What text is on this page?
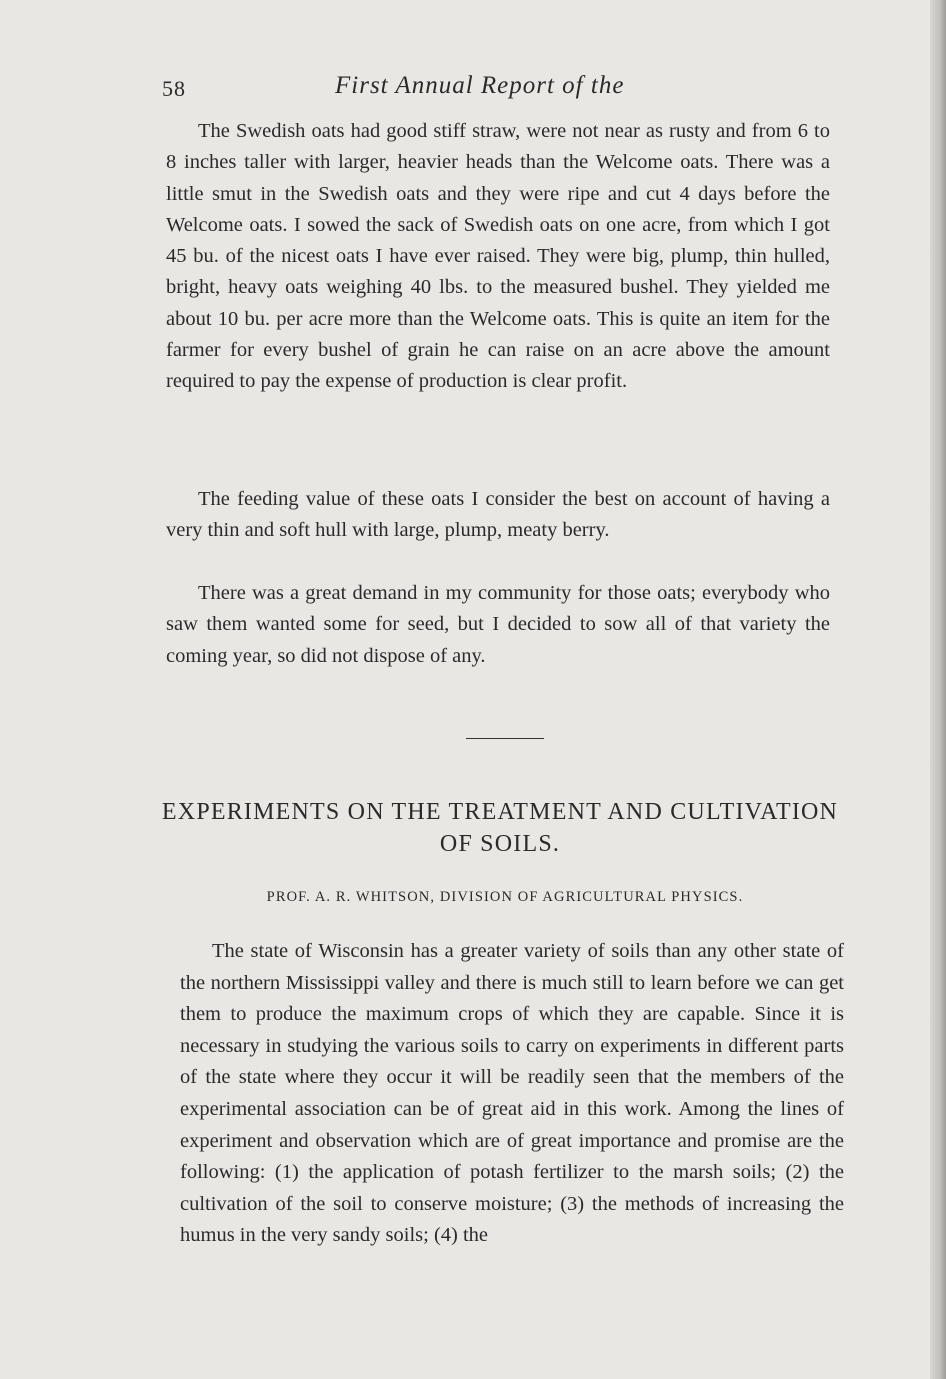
58	First Annual Report of the

The Swedish oats had good stiff straw, were not near as rusty and from 6 to 8 inches taller with larger, heavier heads than the Welcome oats. There was a little smut in the Swedish oats and they were ripe and cut 4 days before the Welcome oats. I sowed the sack of Swedish oats on one acre, from which I got 45 bu. of the nicest oats I have ever raised. They were big, plump, thin hulled, bright, heavy oats weighing 40 lbs. to the measured bushel. They yielded me about 10 bu. per acre more than the Welcome oats. This is quite an item for the farmer for every bushel of grain he can raise on an acre above the amount required to pay the expense of production is clear profit.

The feeding value of these oats I consider the best on account of having a very thin and soft hull with large, plump, meaty berry.

There was a great demand in my community for those oats; everybody who saw them wanted some for seed, but I decided to sow all of that variety the coming year, so did not dispose of any.

EXPERIMENTS ON THE TREATMENT AND CULTIVATION OF SOILS.
PROF. A. R. WHITSON, DIVISION OF AGRICULTURAL PHYSICS.

The state of Wisconsin has a greater variety of soils than any other state of the northern Mississippi valley and there is much still to learn before we can get them to produce the maximum crops of which they are capable. Since it is necessary in studying the various soils to carry on experiments in different parts of the state where they occur it will be readily seen that the members of the experimental association can be of great aid in this work. Among the lines of experiment and observation which are of great importance and promise are the following: (1) the application of potash fertilizer to the marsh soils; (2) the cultivation of the soil to conserve moisture; (3) the methods of increasing the humus in the very sandy soils; (4) the
